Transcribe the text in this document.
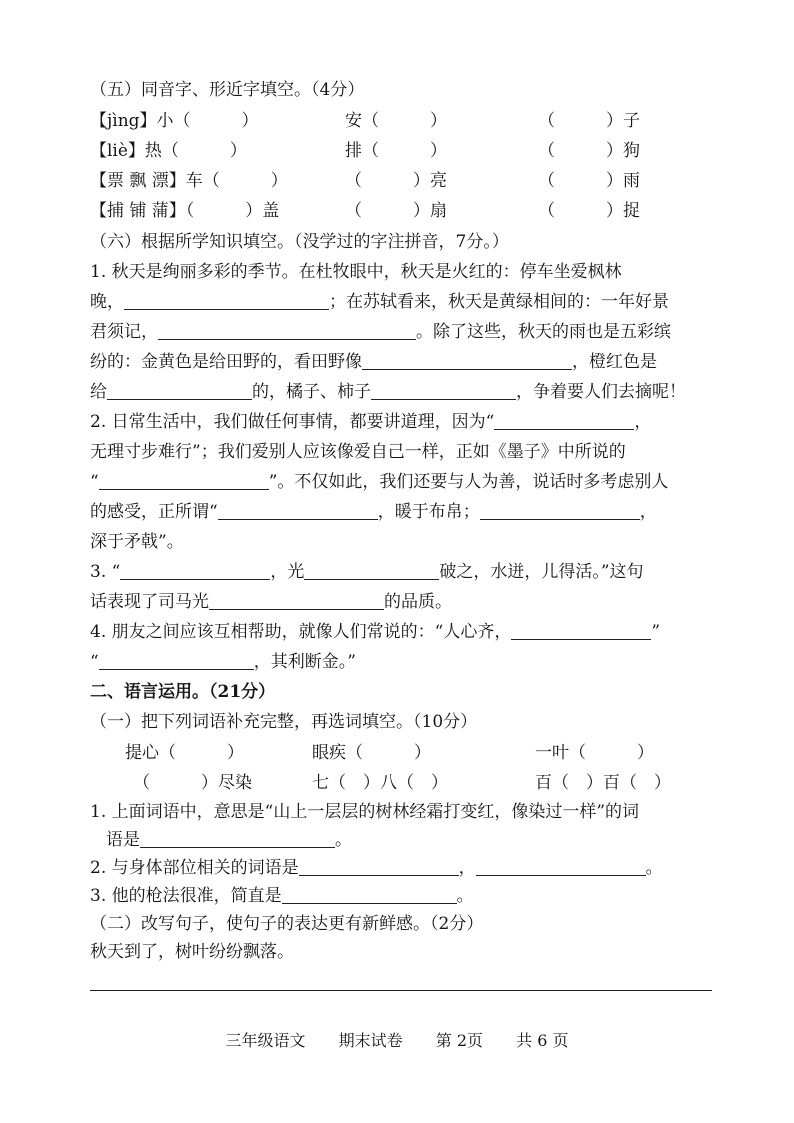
（五）同音字、形近字填空。（4分）
【jìng】小（　　　）	安（　　　）	（　　　）子
【liè】热（　　　）	排（　　　）	（　　　）狗
【票 飘 漂】车（　　　）	（　　　）亮	（　　　）雨
【捕 铺 蒲】（　　　）盖	（　　　）扇	（　　　）捉
（六）根据所学知识填空。（没学过的字注拼音，7分。）
1. 秋天是绚丽多彩的季节。在杜牧眼中，秋天是火红的：停车坐爱枫林
晚，	；在苏轼看来，秋天是黄绿相间的：一年好景
君须记，	。除了这些，秋天的雨也是五彩缤
纷的：金黄色是给田野的，看田野像	，橙红色是
给	的，橘子、柿子	，争着要人们去摘呢！
2. 日常生活中，我们做任何事情，都要讲道理，因为“	，
无理寸步难行”；我们爱别人应该像爱自己一样，正如《墨子》中所说的
“	”。不仅如此，我们还要与人为善，说话时多考虑别人
的感受，正所谓“	，暖于布帛；	，
深于矛戟”。
3. “	，光	破之，水迸，儿得活。”这句
话表现了司马光	的品质。
4. 朋友之间应该互相帮助，就像人们常说的：“人心齐，	”
“	，其利断金。”
二、语言运用。（21分）
（一）把下列词语补充完整，再选词填空。（10分）
提心（　　　）	眼疾（　　　）	一叶（　　　）
（　　　）尽染	七（　）八（　）	百（　）百（　）
1. 上面词语中，意思是“山上一层层的树林经霜打变红，像染过一样”的词
语是	。
2. 与身体部位相关的词语是	，	。
3. 他的枪法很准，简直是	。
（二）改写句子，使句子的表达更有新鲜感。（2分）
秋天到了，树叶纷纷飘落。
三年级语文 期末试卷 第 2页 共 6 页
